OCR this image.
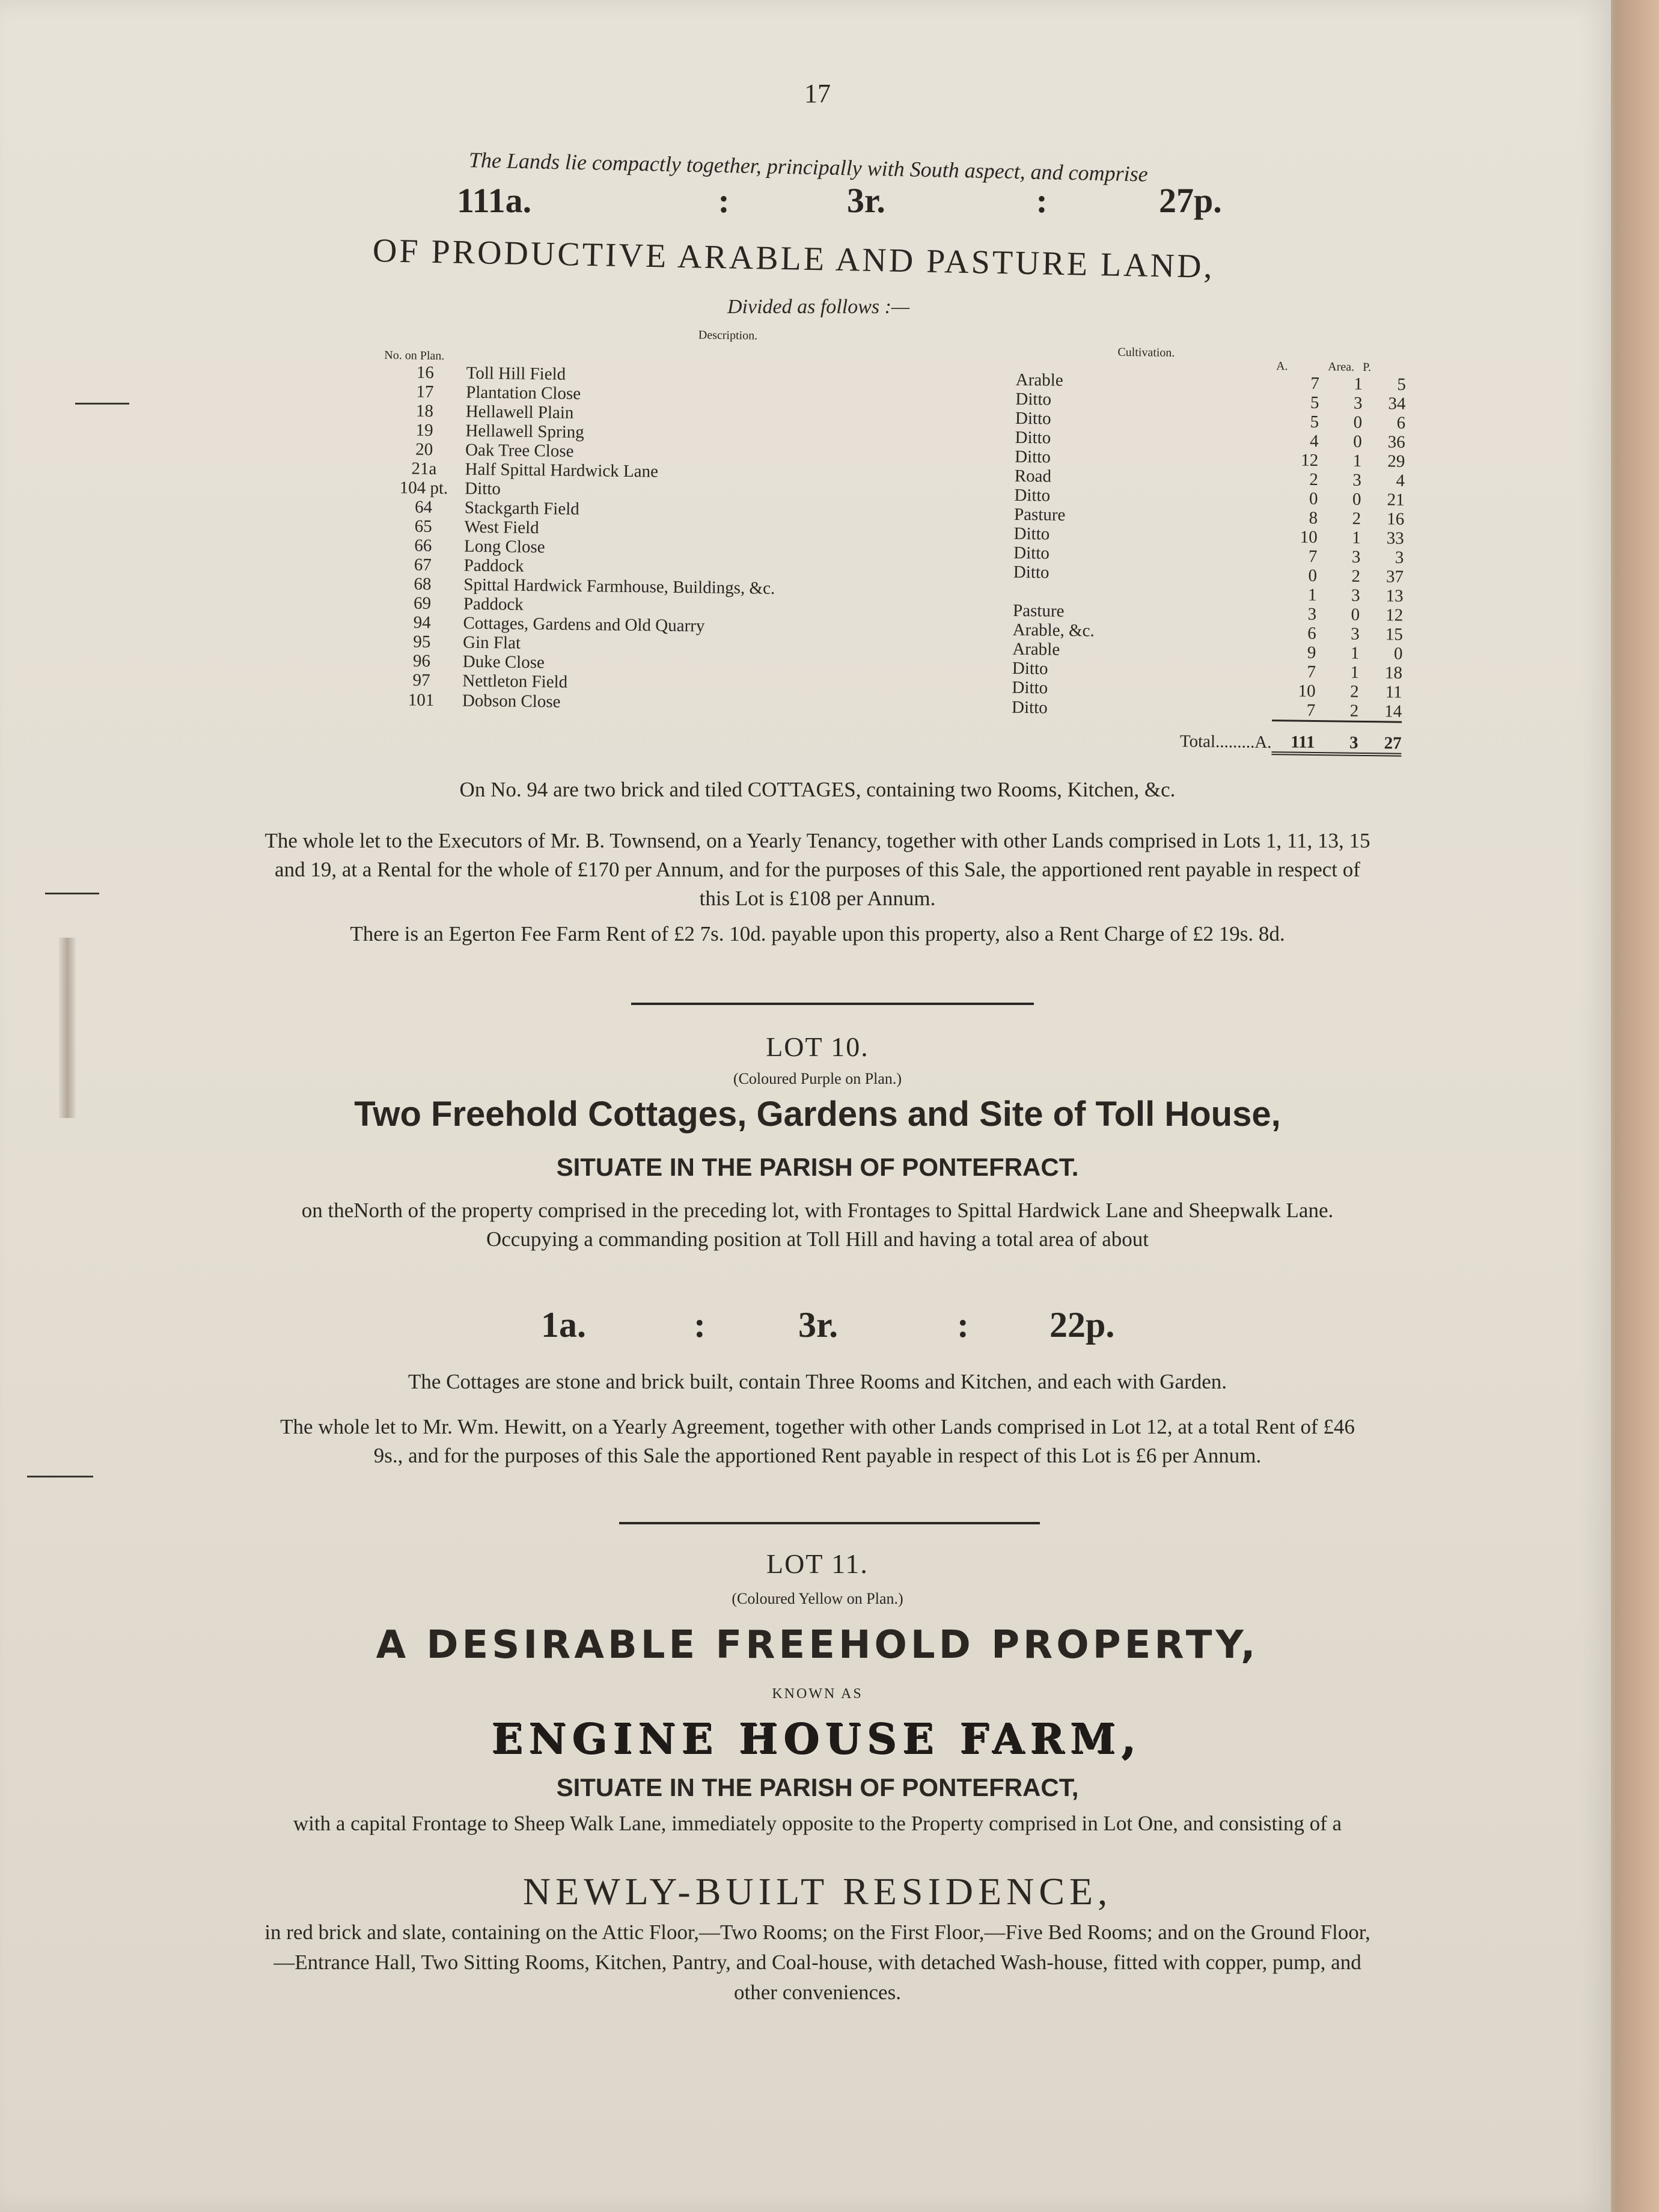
17
The Lands lie compactly together, principally with South aspect, and comprise
111a.	:	3r.	:	27p.
OF PRODUCTIVE ARABLE AND PASTURE LAND,
Divided as follows :—
No. on Plan.	Description.	Cultivation.	A.	Area.	P.
16	Toll Hill Field	Arable	7	1	5
17	Plantation Close	Ditto	5	3	34
18	Hellawell Plain	Ditto	5	0	6
19	Hellawell Spring	Ditto	4	0	36
20	Oak Tree Close	Ditto	12	1	29
21a	Half Spittal Hardwick Lane	Road	2	3	4
104 pt.	Ditto	Ditto	0	0	21
64	Stackgarth Field	Pasture	8	2	16
65	West Field	Ditto	10	1	33
66	Long Close	Ditto	7	3	3
67	Paddock	Ditto	0	2	37
68	Spittal Hardwick Farmhouse, Buildings, &c.		1	3	13
69	Paddock	Pasture	3	0	12
94	Cottages, Gardens and Old Quarry	Arable, &c.	6	3	15
95	Gin Flat	Arable	9	1	0
96	Duke Close	Ditto	7	1	18
97	Nettleton Field	Ditto	10	2	11
101	Dobson Close	Ditto	7	2	14
		Total.........A.	111	3	27
On No. 94 are two brick and tiled COTTAGES, containing two Rooms, Kitchen, &c.
The whole let to the Executors of Mr. B. Townsend, on a Yearly Tenancy, together with other Lands comprised in Lots 1, 11, 13, 15 and 19, at a Rental for the whole of £170 per Annum, and for the purposes of this Sale, the apportioned rent payable in respect of this Lot is £108 per Annum.
There is an Egerton Fee Farm Rent of £2 7s. 10d. payable upon this property, also a Rent Charge of £2 19s. 8d.
LOT 10.
(Coloured Purple on Plan.)
Two Freehold Cottages, Gardens and Site of Toll House,
SITUATE IN THE PARISH OF PONTEFRACT.
on theNorth of the property comprised in the preceding lot, with Frontages to Spittal Hardwick Lane and Sheepwalk Lane. Occupying a commanding position at Toll Hill and having a total area of about
1a.	:	3r.	: 22p.
The Cottages are stone and brick built, contain Three Rooms and Kitchen, and each with Garden.
The whole let to Mr. Wm. Hewitt, on a Yearly Agreement, together with other Lands comprised in Lot 12, at a total Rent of £46 9s., and for the purposes of this Sale the apportioned Rent payable in respect of this Lot is £6 per Annum.
LOT 11.
(Coloured Yellow on Plan.)
A DESIRABLE FREEHOLD PROPERTY,
KNOWN AS
ENGINE HOUSE FARM,
SITUATE IN THE PARISH OF PONTEFRACT,
with a capital Frontage to Sheep Walk Lane, immediately opposite to the Property comprised in Lot One, and consisting of a
NEWLY-BUILT RESIDENCE,
in red brick and slate, containing on the Attic Floor,—Two Rooms; on the First Floor,—Five Bed Rooms; and on the Ground Floor,—Entrance Hall, Two Sitting Rooms, Kitchen, Pantry, and Coal-house, with detached Wash-house, fitted with copper, pump, and other conveniences.
